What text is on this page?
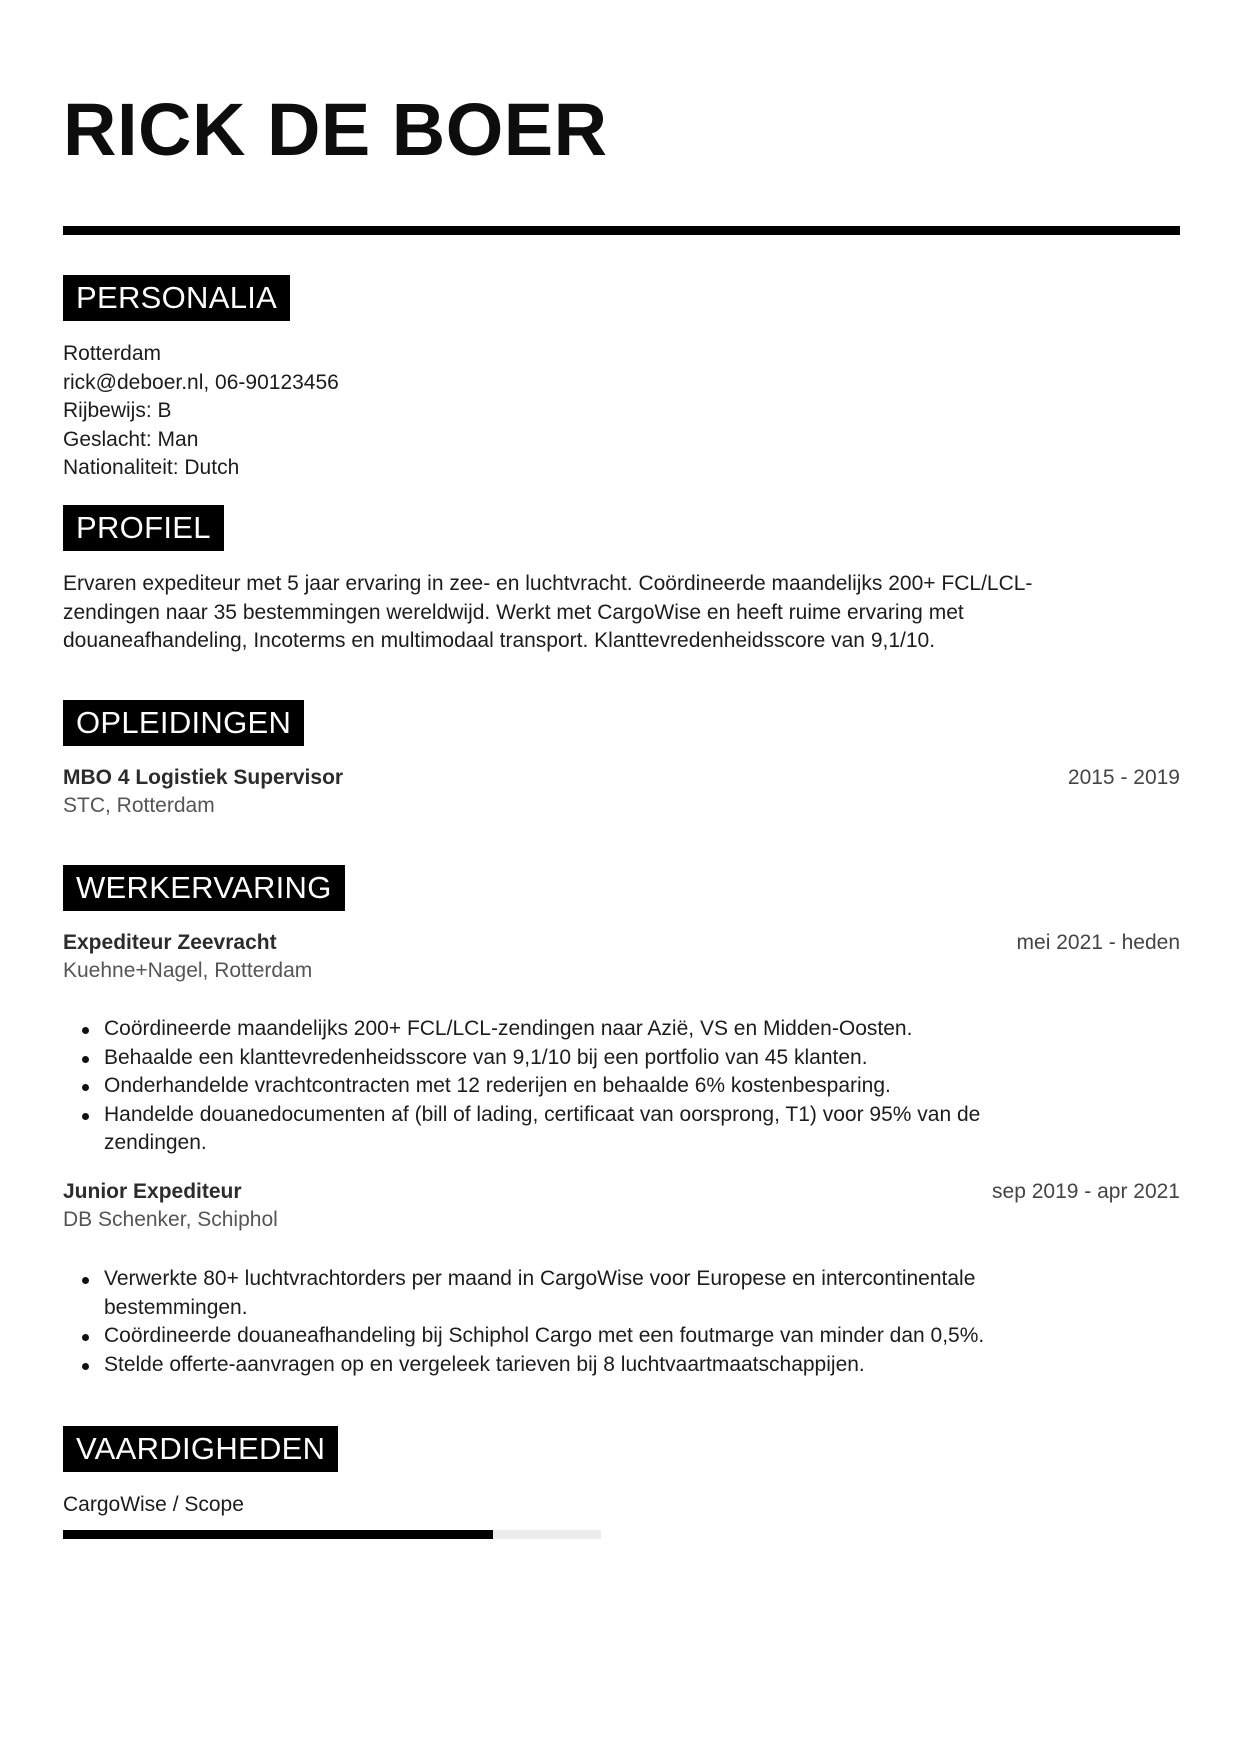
RICK DE BOER
PERSONALIA
Rotterdam
rick@deboer.nl, 06-90123456
Rijbewijs: B
Geslacht: Man
Nationaliteit: Dutch
PROFIEL
Ervaren expediteur met 5 jaar ervaring in zee- en luchtvracht. Coördineerde maandelijks 200+ FCL/LCL-
zendingen naar 35 bestemmingen wereldwijd. Werkt met CargoWise en heeft ruime ervaring met
douaneafhandeling, Incoterms en multimodaal transport. Klanttevredenheidsscore van 9,1/10.
OPLEIDINGEN
MBO 4 Logistiek Supervisor	2015 - 2019
STC, Rotterdam
WERKERVARING
Expediteur Zeevracht	mei 2021 - heden
Kuehne+Nagel, Rotterdam
Coördineerde maandelijks 200+ FCL/LCL-zendingen naar Azië, VS en Midden-Oosten.
Behaalde een klanttevredenheidsscore van 9,1/10 bij een portfolio van 45 klanten.
Onderhandelde vrachtcontracten met 12 rederijen en behaalde 6% kostenbesparing.
Handelde douanedocumenten af (bill of lading, certificaat van oorsprong, T1) voor 95% van de zendingen.
Junior Expediteur	sep 2019 - apr 2021
DB Schenker, Schiphol
Verwerkte 80+ luchtvrachtorders per maand in CargoWise voor Europese en intercontinentale bestemmingen.
Coördineerde douaneafhandeling bij Schiphol Cargo met een foutmarge van minder dan 0,5%.
Stelde offerte-aanvragen op en vergeleek tarieven bij 8 luchtvaartmaatschappijen.
VAARDIGHEDEN
CargoWise / Scope
